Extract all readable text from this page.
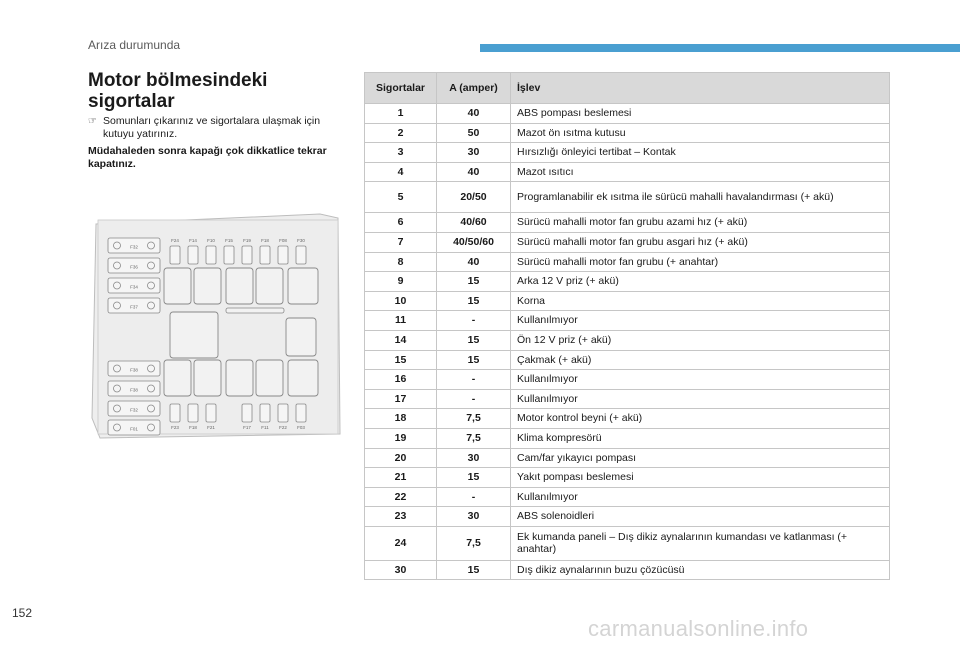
Arıza durumunda
Motor bölmesindeki sigortalar
☞ Somunları çıkarınız ve sigortalara ulaşmak için kutuyu yatırınız.
Müdahaleden sonra kapağı çok dikkatlice tekrar kapatınız.
F32
F36
F34
F37
F38
F38
F32
F01
F24 F14 F10 F15 F19 F18 F08 F30
F23 F18 F21	F17 F11 F22 F03
Sigortalar	A (amper)	İşlev
1	40	ABS pompası beslemesi
2	50	Mazot ön ısıtma kutusu
3	30	Hırsızlığı önleyici tertibat – Kontak
4	40	Mazot ısıtıcı
5	20/50	Programlanabilir ek ısıtma ile sürücü mahalli havalandırması (+ akü)
6	40/60	Sürücü mahalli motor fan grubu azami hız (+ akü)
7	40/50/60	Sürücü mahalli motor fan grubu asgari hız (+ akü)
8	40	Sürücü mahalli motor fan grubu (+ anahtar)
9	15	Arka 12 V priz (+ akü)
10	15	Korna
11	-	Kullanılmıyor
14	15	Ön 12 V priz (+ akü)
15	15	Çakmak (+ akü)
16	-	Kullanılmıyor
17	-	Kullanılmıyor
18	7,5	Motor kontrol beyni (+ akü)
19	7,5	Klima kompresörü
20	30	Cam/far yıkayıcı pompası
21	15	Yakıt pompası beslemesi
22	-	Kullanılmıyor
23	30	ABS solenoidleri
24	7,5	Ek kumanda paneli – Dış dikiz aynalarının kumandası ve katlanması (+ anahtar)
30	15	Dış dikiz aynalarının buzu çözücüsü
152
carmanualsonline.info
